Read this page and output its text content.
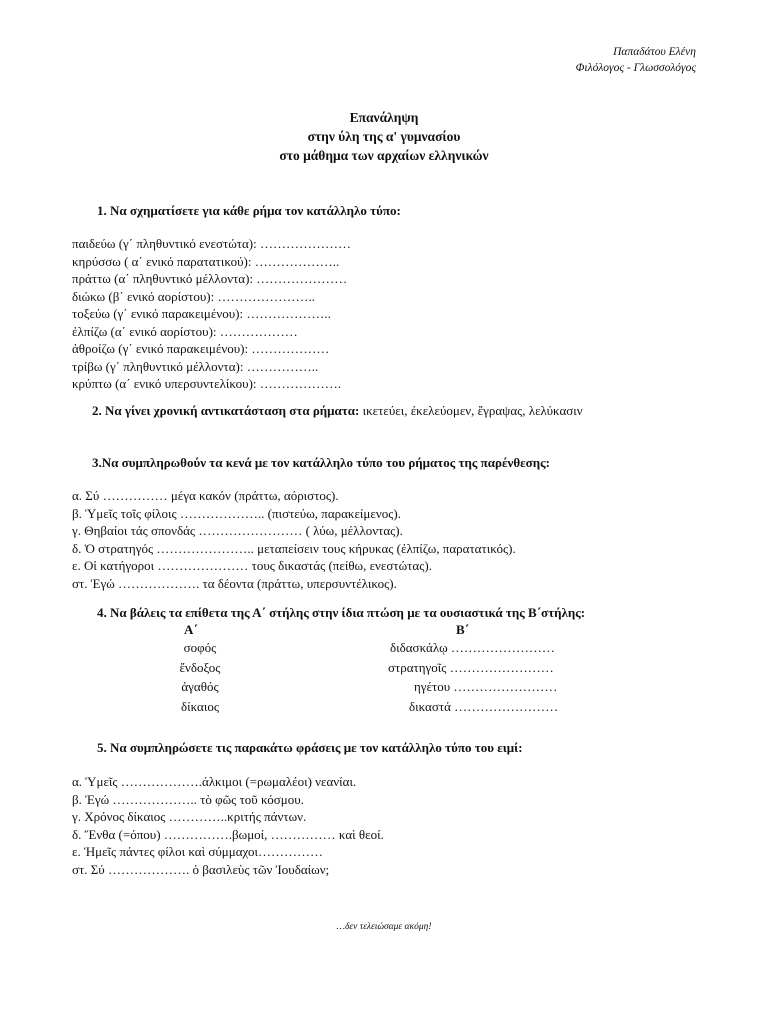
Παπαδάτου Ελένη
Φιλόλογος - Γλωσσολόγος
Επανάληψη
στην ύλη της α' γυμνασίου
στο μάθημα των αρχαίων ελληνικών
1. Να σχηματίσετε για κάθε ρήμα τον κατάλληλο τύπο:
παιδεύω (γ΄ πληθυντικό ενεστώτα): …………………
κηρύσσω ( α΄ ενικό παρατατικού): ………………..
πράττω (α΄ πληθυντικό μέλλοντα): …………………
διώκω (β΄ ενικό αορίστου): …………………..
τοξεύω (γ΄ ενικό παρακειμένου): ………………..
ἐλπίζω (α΄ ενικό αορίστου): ………………
ἀθροίζω (γ΄ ενικό παρακειμένου): ………………
τρίβω (γ΄ πληθυντικό μέλλοντα): ……………..
κρύπτω (α΄ ενικό υπερσυντελίκου): ……………….
2. Να γίνει χρονική αντικατάσταση στα ρήματα: ικετεύει, ἐκελεύομεν, ἔγραψας, λελύκασιν
3.Να συμπληρωθούν τα κενά με τον κατάλληλο τύπο του ρήματος της παρένθεσης:
α. Σύ …………… μέγα κακόν (πράττω, αόριστος).
β. Ὑμεῖς τοῖς φίλοις ……………….. (πιστεύω, παρακείμενος).
γ. Θηβαίοι τάς σπονδάς …………………… ( λύω, μέλλοντας).
δ. Ὁ στρατηγός ………………….. μεταπείσειν τους κήρυκας (ἐλπίζω, παρατατικός).
ε. Οἱ κατήγοροι ………………… τους δικαστάς (πείθω, ενεστώτας).
στ. Ἐγώ ………………. τα δέοντα (πράττω, υπερσυντέλικος).
4. Να βάλεις τα επίθετα της Α΄ στήλης στην ίδια πτώση με τα ουσιαστικά της Β΄στήλης:
Α΄	Β΄
σοφός
ἔνδοξος
ἀγαθός
δίκαιος
διδασκάλῳ ……………………
στρατηγοῖς ……………………
ηγέτου ……………………
δικαστά ……………………
5. Να συμπληρώσετε τις παρακάτω φράσεις με τον κατάλληλο τύπο του ειμί:
α. Ὑμεῖς ……………….άλκιμοι (=ρωμαλέοι) νεανίαι.
β. Ἐγώ ……………….. τὸ φῶς τοῦ κόσμου.
γ. Χρόνος δίκαιος …………..κριτής πάντων.
δ. Ἔνθα (=όπου) …………….βωμοί, …………… καὶ θεοί.
ε. Ἡμεῖς πάντες φίλοι καὶ σύμμαχοι……………
στ. Σύ ………………. ὁ βασιλεὺς τῶν Ἰουδαίων;
…δεν τελειώσαμε ακόμη!
